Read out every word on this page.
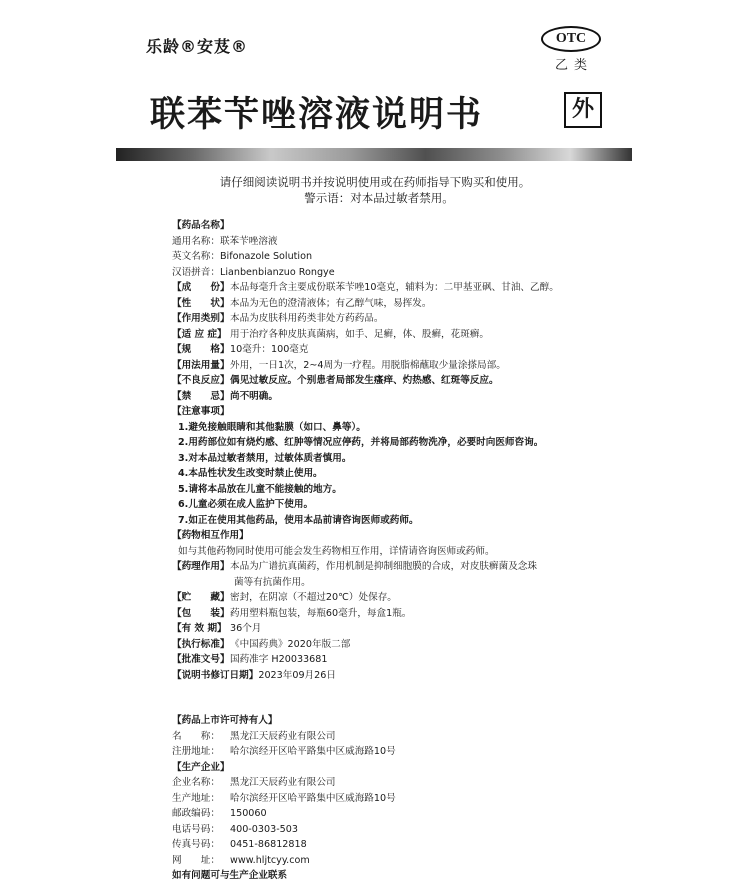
乐龄®安芨®	OTC
乙类
联苯苄唑溶液说明书	外
请仔细阅读说明书并按说明使用或在药师指导下购买和使用。
警示语：对本品过敏者禁用。
【药品名称】
通用名称：联苯苄唑溶液
英文名称：Bifonazole Solution
汉语拼音：Lianbenbianzuo Rongye
【成　　份】本品每毫升含主要成份联苯苄唑10毫克，辅料为：二甲基亚砜、甘油、乙醇。
【性　　状】本品为无色的澄清液体；有乙醇气味，易挥发。
【作用类别】本品为皮肤科用药类非处方药药品。
【适 应 症】 用于治疗各种皮肤真菌病，如手、足癣，体、股癣，花斑癣。
【规　　格】10毫升：100毫克
【用法用量】外用，一日1次，2~4周为一疗程。用脱脂棉蘸取少量涂搽局部。
【不良反应】偶见过敏反应。个别患者局部发生瘙痒、灼热感、红斑等反应。
【禁　　忌】尚不明确。
【注意事项】
1.避免接触眼睛和其他黏膜（如口、鼻等）。
2.用药部位如有烧灼感、红肿等情况应停药，并将局部药物洗净，必要时向医师咨询。
3.对本品过敏者禁用，过敏体质者慎用。
4.本品性状发生改变时禁止使用。
5.请将本品放在儿童不能接触的地方。
6.儿童必须在成人监护下使用。
7.如正在使用其他药品，使用本品前请咨询医师或药师。
【药物相互作用】
如与其他药物同时使用可能会发生药物相互作用，详情请咨询医师或药师。
【药理作用】本品为广谱抗真菌药，作用机制是抑制细胞膜的合成，对皮肤癣菌及念珠
菌等有抗菌作用。
【贮　　藏】密封，在阴凉（不超过20℃）处保存。
【包　　装】药用塑料瓶包装，每瓶60毫升，每盒1瓶。
【有 效 期】 36个月
【执行标准】《中国药典》2020年版二部
【批准文号】国药准字 H20033681
【说明书修订日期】2023年09月26日
【药品上市许可持有人】
名　　称： 黑龙江天辰药业有限公司
注册地址： 哈尔滨经开区哈平路集中区威海路10号
【生产企业】
企业名称： 黑龙江天辰药业有限公司
生产地址： 哈尔滨经开区哈平路集中区威海路10号
邮政编码： 150060
电话号码： 400-0303-503
传真号码： 0451-86812818
网　　址： www.hljtcyy.com
如有问题可与生产企业联系
